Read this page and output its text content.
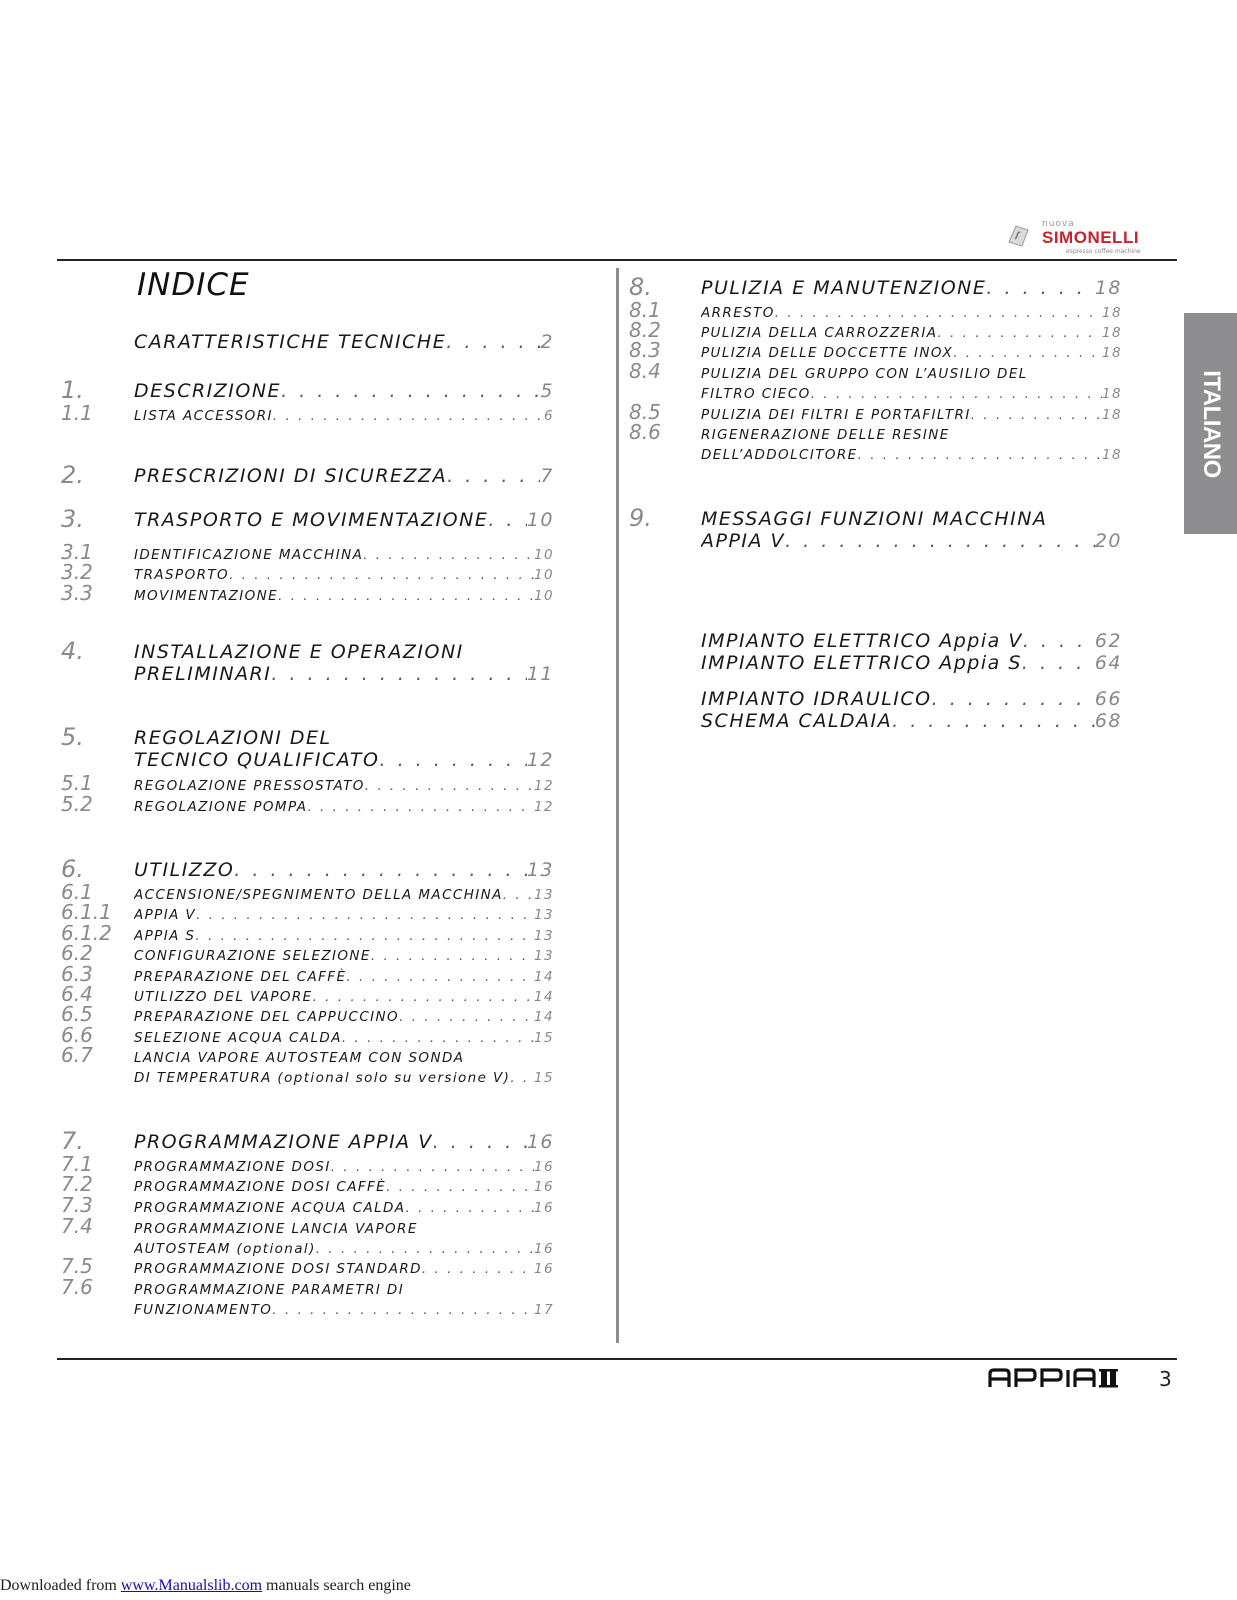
nuova
SIMONELLI
espresso coffee machine
ITALIANO
INDICE
CARATTERISTICHE TECNICHE . . .	2
1.	DESCRIZIONE . . .	5
1.1	LISTA ACCESSORI . . .	6
2.	PRESCRIZIONI DI SICUREZZA . . .	7
3.	TRASPORTO E MOVIMENTAZIONE . . . 10
3.1	IDENTIFICAZIONE MACCHINA . . .	10
3.2	TRASPORTO . . .	10
3.3	MOVIMENTAZIONE . . .	10
4.	INSTALLAZIONE E OPERAZIONI
PRELIMINARI . . .	11
5.	REGOLAZIONI DEL
TECNICO QUALIFICATO . . .	12
5.1	REGOLAZIONE PRESSOSTATO . . .	12
5.2	REGOLAZIONE POMPA . . .	12
6.	UTILIZZO . . .	13
6.1	ACCENSIONE/SPEGNIMENTO DELLA MACCHINA . . . 13
6.1.1 APPIA V . . .	13
6.1.2 APPIA S . . .	13
6.2	CONFIGURAZIONE SELEZIONE . . .	13
6.3	PREPARAZIONE DEL CAFFÈ . . .	14
6.4	UTILIZZO DEL VAPORE . . .	14
6.5	PREPARAZIONE DEL CAPPUCCINO . . .	14
6.6	SELEZIONE ACQUA CALDA . . .	15
6.7	LANCIA VAPORE AUTOSTEAM CON SONDA
DI TEMPERATURA (optional solo su versione V) . . . 15
7.	PROGRAMMAZIONE APPIA V . . .	16
7.1	PROGRAMMAZIONE DOSI . . .	16
7.2	PROGRAMMAZIONE DOSI CAFFÈ . . .	16
7.3	PROGRAMMAZIONE ACQUA CALDA . . .	16
7.4	PROGRAMMAZIONE LANCIA VAPORE
AUTOSTEAM (optional) . . .	16
7.5	PROGRAMMAZIONE DOSI STANDARD . . .	16
7.6	PROGRAMMAZIONE PARAMETRI DI
FUNZIONAMENTO . . .	17
8.	PULIZIA E MANUTENZIONE . . .	18
8.1	ARRESTO . . .	18
8.2	PULIZIA DELLA CARROZZERIA . . .	18
8.3	PULIZIA DELLE DOCCETTE INOX . . .	18
8.4	PULIZIA DEL GRUPPO CON L’AUSILIO DEL
FILTRO CIECO . . .	18
8.5	PULIZIA DEI FILTRI E PORTAFILTRI . . .	18
8.6	RIGENERAZIONE DELLE RESINE
DELL’ADDOLCITORE . . .	18
9.	MESSAGGI FUNZIONI MACCHINA
APPIA V . . .	20
IMPIANTO ELETTRICO Appia V . . .	62
IMPIANTO ELETTRICO Appia S . . .	64
IMPIANTO IDRAULICO . . .	66
SCHEMA CALDAIA . . .	68
3
Downloaded from www.Manualslib.com manuals search engine
